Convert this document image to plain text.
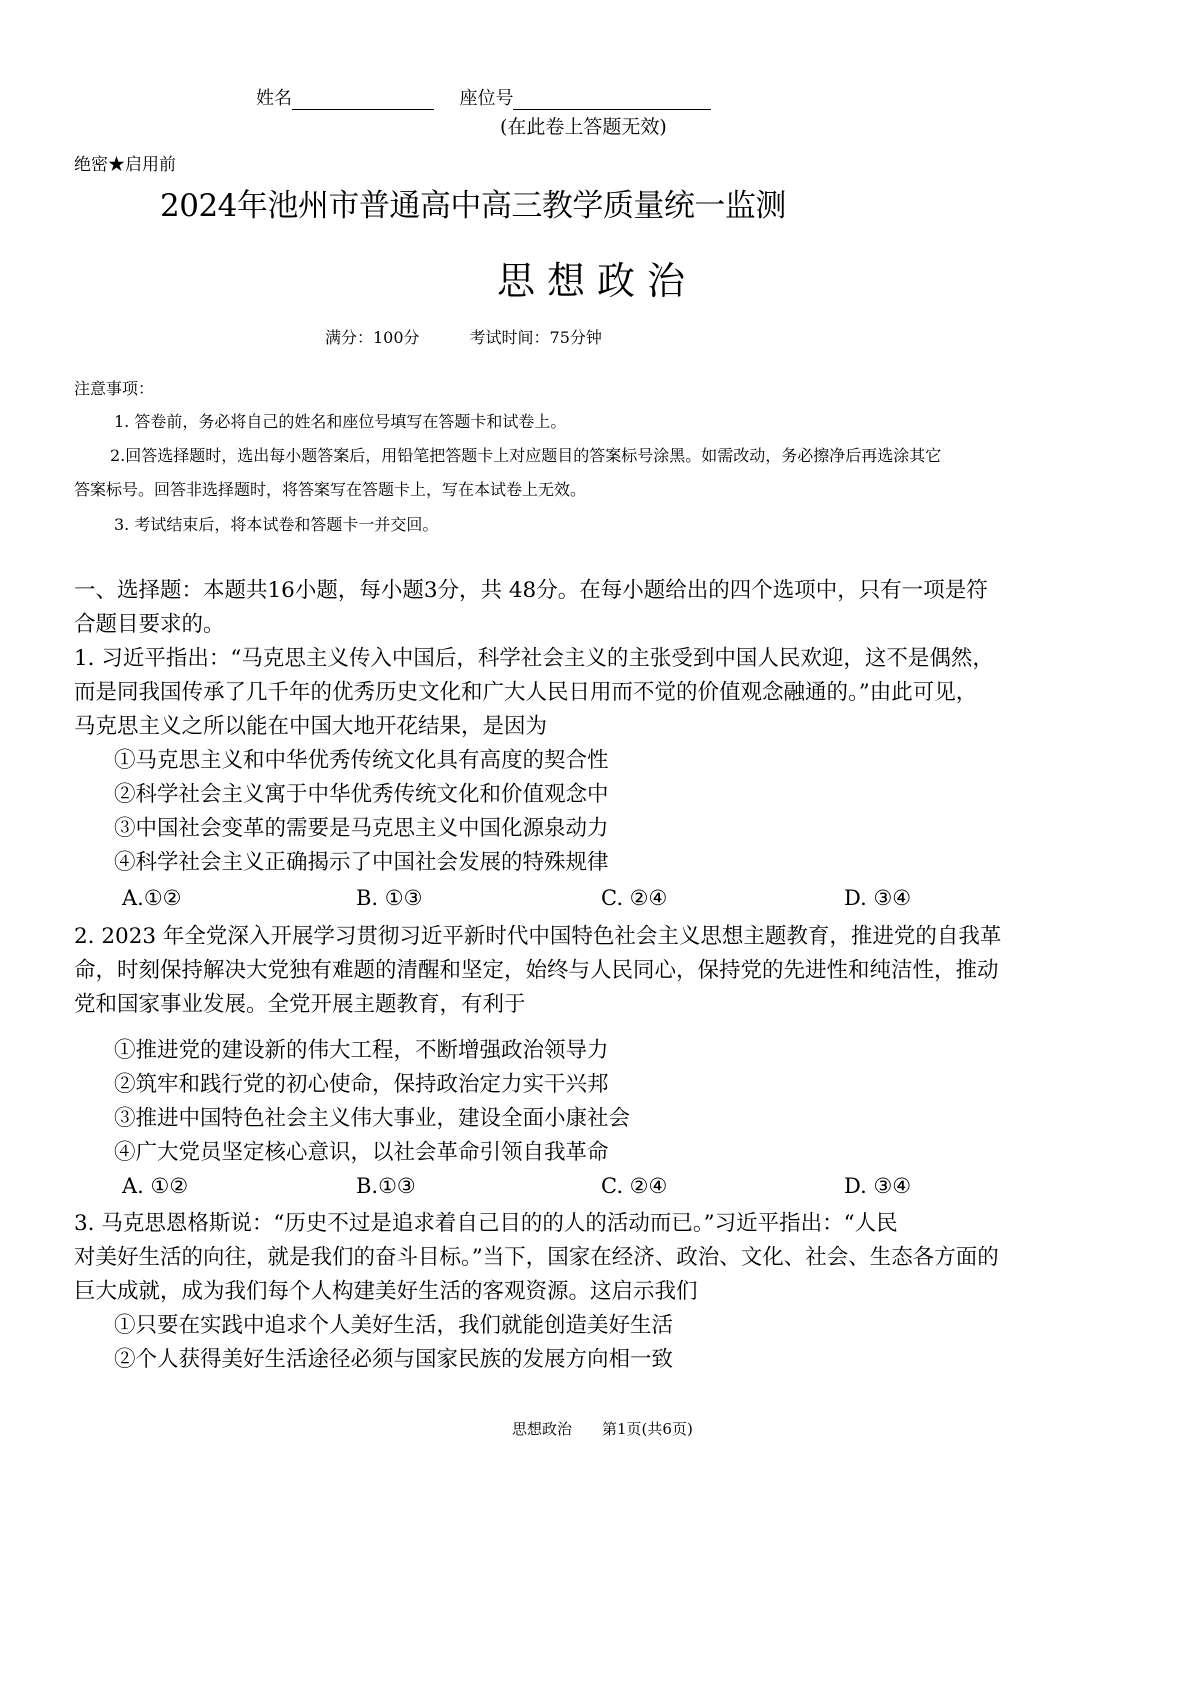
姓名	座位号
(在此卷上答题无效)
绝密★启用前
2024年池州市普通高中高三教学质量统一监测
思想政治
满分：100分	考试时间：75分钟
注意事项：
1. 答卷前，务必将自己的姓名和座位号填写在答题卡和试卷上。
2.回答选择题时，选出每小题答案后，用铅笔把答题卡上对应题目的答案标号涂黑。如需改动，务必擦净后再选涂其它
答案标号。回答非选择题时，将答案写在答题卡上，写在本试卷上无效。
3. 考试结束后，将本试卷和答题卡一并交回。
一、选择题：本题共16小题，每小题3分，共 48分。在每小题给出的四个选项中，只有一项是符
合题目要求的。
1. 习近平指出：“马克思主义传入中国后，科学社会主义的主张受到中国人民欢迎，这不是偶然，
而是同我国传承了几千年的优秀历史文化和广大人民日用而不觉的价值观念融通的。”由此可见，
马克思主义之所以能在中国大地开花结果，是因为
①马克思主义和中华优秀传统文化具有高度的契合性
②科学社会主义寓于中华优秀传统文化和价值观念中
③中国社会变革的需要是马克思主义中国化源泉动力
④科学社会主义正确揭示了中国社会发展的特殊规律
A.①②	B. ①③	C. ②④	D. ③④
2. 2023 年全党深入开展学习贯彻习近平新时代中国特色社会主义思想主题教育，推进党的自我革
命，时刻保持解决大党独有难题的清醒和坚定，始终与人民同心，保持党的先进性和纯洁性，推动
党和国家事业发展。全党开展主题教育，有利于
①推进党的建设新的伟大工程，不断增强政治领导力
②筑牢和践行党的初心使命，保持政治定力实干兴邦
③推进中国特色社会主义伟大事业，建设全面小康社会
④广大党员坚定核心意识，以社会革命引领自我革命
A. ①②	B.①③	C. ②④	D. ③④
3. 马克思恩格斯说：“历史不过是追求着自己目的的人的活动而已。”习近平指出：“人民
对美好生活的向往，就是我们的奋斗目标。”当下，国家在经济、政治、文化、社会、生态各方面的
巨大成就，成为我们每个人构建美好生活的客观资源。这启示我们
①只要在实践中追求个人美好生活，我们就能创造美好生活
②个人获得美好生活途径必须与国家民族的发展方向相一致
思想政治 第1页(共6页)
